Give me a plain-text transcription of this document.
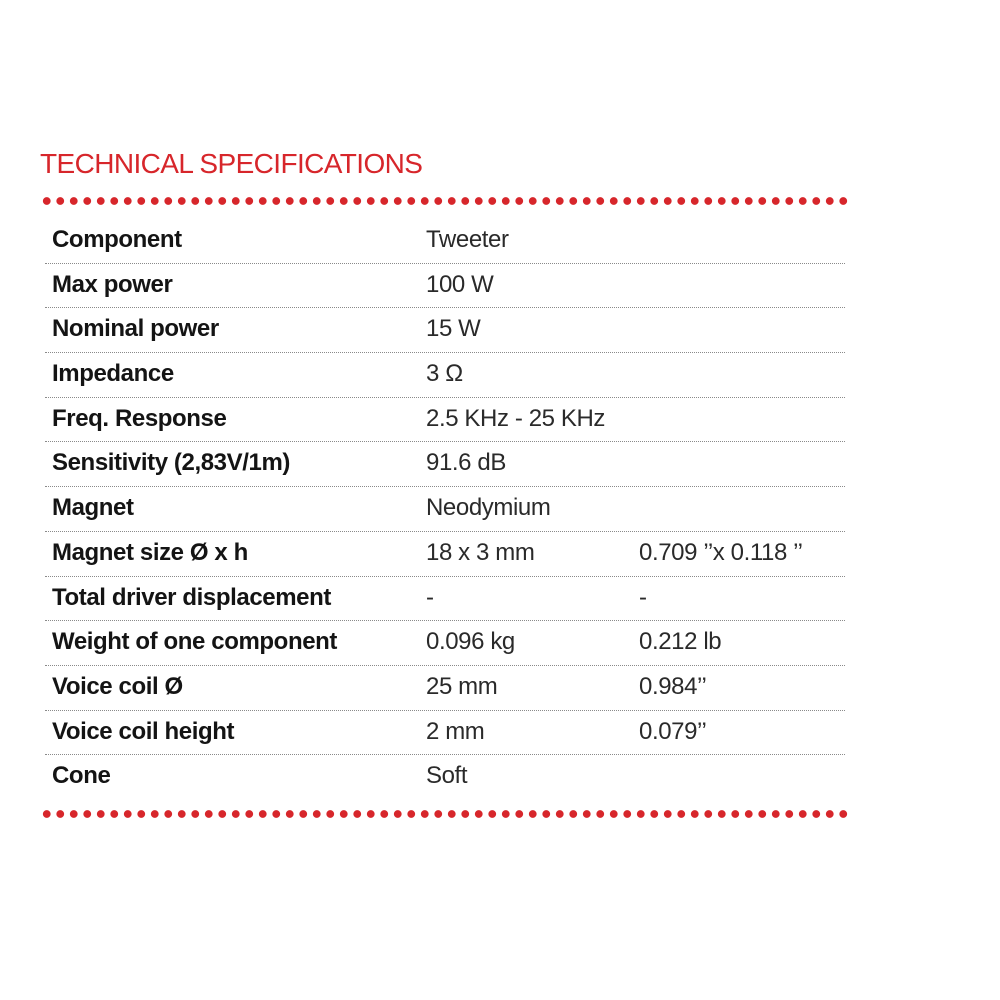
TECHNICAL SPECIFICATIONS
Component	Tweeter
Max power	100 W
Nominal power	15 W
Impedance	3 Ω
Freq. Response	2.5 KHz - 25 KHz
Sensitivity (2,83V/1m)	91.6 dB
Magnet	Neodymium
Magnet size Ø x h	18 x 3 mm	0.709 ’’x 0.118 ’’
Total driver displacement	-	-
Weight of one component	0.096 kg	0.212 lb
Voice coil Ø	25 mm	0.984’’
Voice coil height	2 mm	0.079’’
Cone	Soft
